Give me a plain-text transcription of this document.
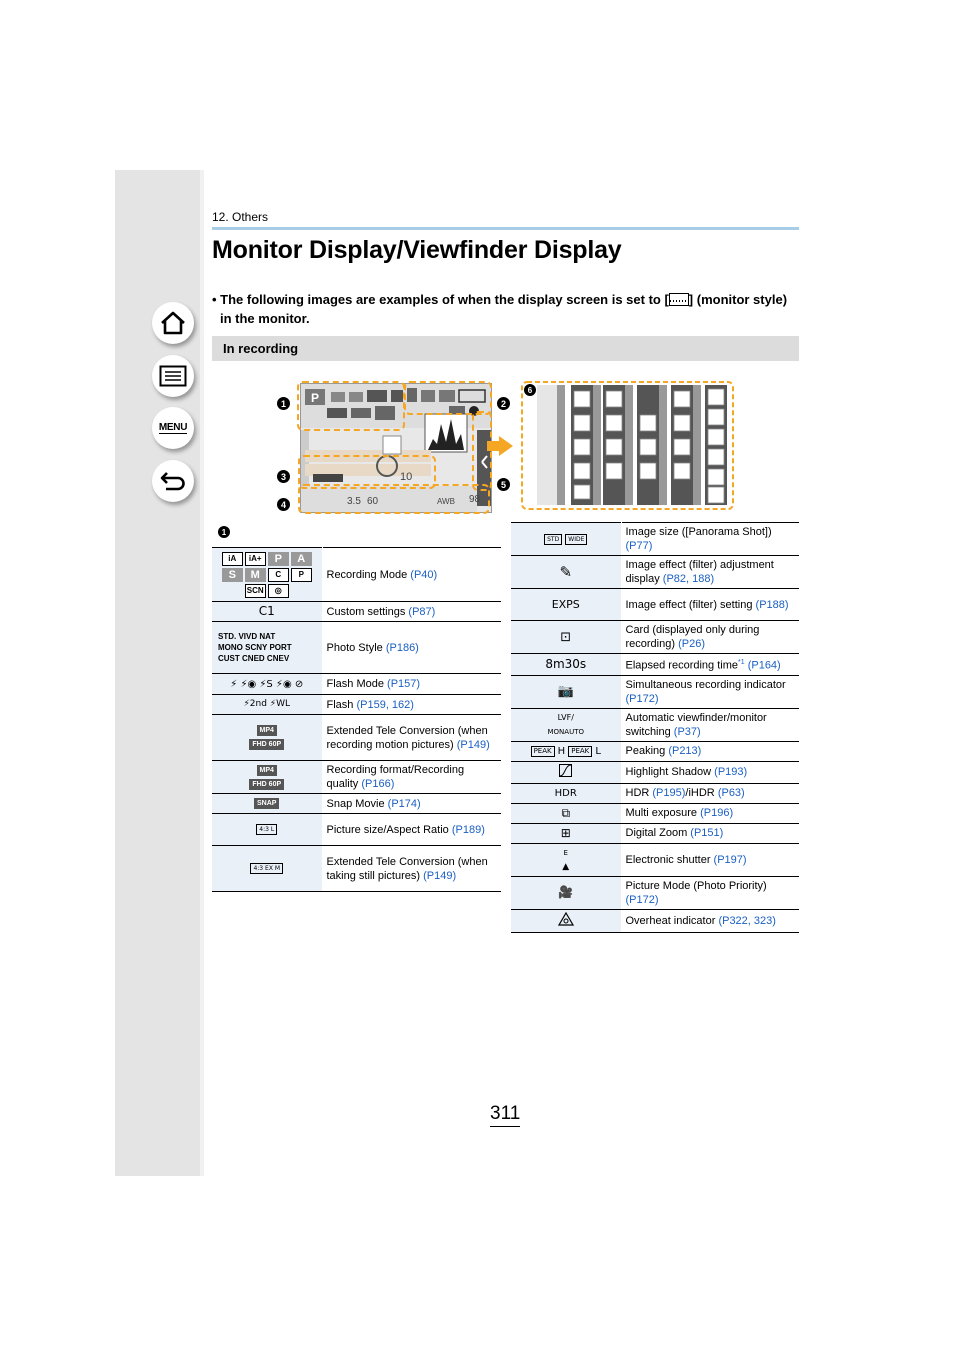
MENU
12. Others
Monitor Display/Viewfinder Display
• The following images are examples of when the display screen is set to [ ] (monitor style) in the monitor.
In recording
P
10
3.5 60	AWB 98
1	2
3
4
5
6
1
iA iA+ P A
S M C P
SCN ◎	Recording Mode (P40)
C1	Custom settings (P87)
STD. VIVD NAT
MONO SCNY PORT
CUST CNED CNEV	Photo Style (P186)
⚡ ⚡◉ ⚡S ⚡◉ ⊘	Flash Mode (P157)
⚡2nd ⚡WL	Flash (P159, 162)
MP4
FHD 60P	Extended Tele Conversion (when recording motion pictures) (P149)
MP4
FHD 60P	Recording format/Recording quality (P166)
SNAP	Snap Movie (P174)
4:3 L	Picture size/Aspect Ratio (P189)
4:3 EX M	Extended Tele Conversion (when taking still pictures) (P149)
STD WIDE	Image size ([Panorama Shot]) (P77)
✎	Image effect (filter) adjustment display (P82, 188)
EXPS	Image effect (filter) setting (P188)
⊡	Card (displayed only during recording) (P26)
8m30s	Elapsed recording time$^{*1}$ (P164)
📷	Simultaneous recording indicator (P172)
LVF/
MONAUTO	Automatic viewfinder/monitor switching (P37)
PEAK H PEAK L	Peaking (P213)
	Highlight Shadow (P193)
HDR	HDR (P195)/iHDR (P63)
⧉	Multi exposure (P196)
⊞	Digital Zoom (P151)
E
▲	Electronic shutter (P197)
🎥	Picture Mode (Photo Priority) (P172)
	Overheat indicator (P322, 323)
311
